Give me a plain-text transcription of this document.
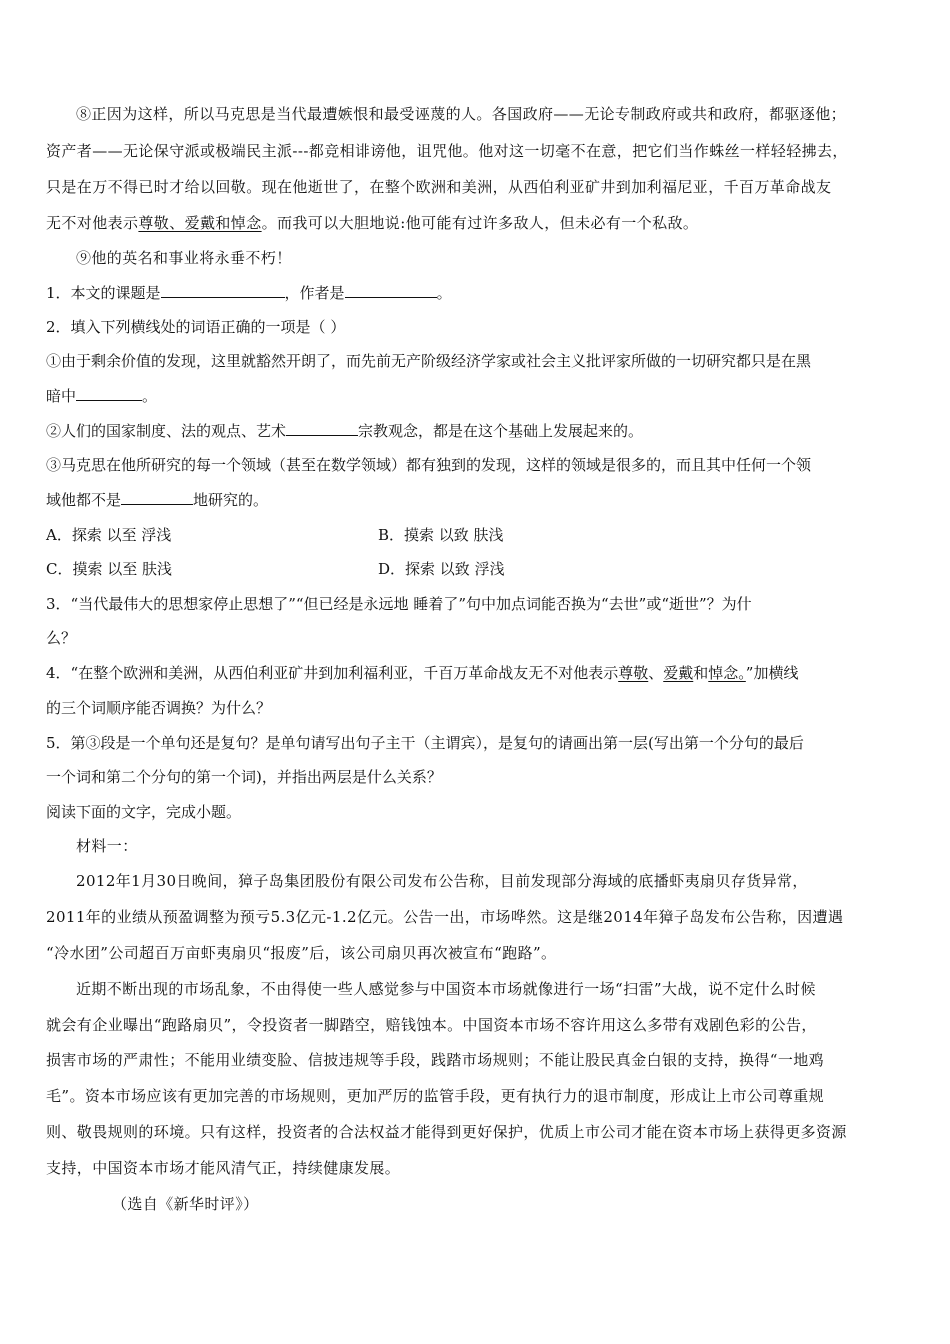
⑧正因为这样，所以马克思是当代最遭嫉恨和最受诬蔑的人。各国政府——无论专制政府或共和政府，都驱逐他；
资产者——无论保守派或极端民主派---都竞相诽谤他，诅咒他。他对这一切毫不在意，把它们当作蛛丝一样轻轻拂去，
只是在万不得已时才给以回敬。现在他逝世了，在整个欧洲和美洲，从西伯利亚矿井到加利福尼亚，千百万革命战友
无不对他表示尊敬、爱戴和悼念。而我可以大胆地说:他可能有过许多敌人，但未必有一个私敌。
⑨他的英名和事业将永垂不朽！
1．本文的课题是	，作者是	。
2．填入下列横线处的词语正确的一项是（ ）
①由于剩余价值的发现，这里就豁然开朗了，而先前无产阶级经济学家或社会主义批评家所做的一切研究都只是在黑
暗中	。
②人们的国家制度、法的观点、艺术	宗教观念，都是在这个基础上发展起来的。
③马克思在他所研究的每一个领域（甚至在数学领域）都有独到的发现，这样的领域是很多的，而且其中任何一个领
域他都不是	地研究的。
A．探索 以至 浮浅	B．摸索 以致 肤浅
C．摸索 以至 肤浅	D．探索 以致 浮浅
3．“当代最伟大的思想家停止思想了”“但已经是永远地 睡着了”句中加点词能否换为“去世”或“逝世”？为什
么？
4．“在整个欧洲和美洲，从西伯利亚矿井到加利福利亚，千百万革命战友无不对他表示尊敬、爱戴和悼念。”加横线
的三个词顺序能否调换？为什么？
5．第③段是一个单句还是复句？是单句请写出句子主干（主谓宾），是复句的请画出第一层(写出第一个分句的最后
一个词和第二个分句的第一个词)，并指出两层是什么关系？
阅读下面的文字，完成小题。
材料一：
2012年1月30日晚间，獐子岛集团股份有限公司发布公告称，目前发现部分海域的底播虾夷扇贝存货异常，
2011年的业绩从预盈调整为预亏5.3亿元-1.2亿元。公告一出，市场哗然。这是继2014年獐子岛发布公告称，因遭遇
“冷水团”公司超百万亩虾夷扇贝“报废”后，该公司扇贝再次被宣布“跑路”。
近期不断出现的市场乱象，不由得使一些人感觉参与中国资本市场就像进行一场“扫雷”大战，说不定什么时候
就会有企业曝出“跑路扇贝”，令投资者一脚踏空，赔钱蚀本。中国资本市场不容许用这么多带有戏剧色彩的公告，
损害市场的严肃性；不能用业绩变脸、信披违规等手段，践踏市场规则；不能让股民真金白银的支持，换得“一地鸡
毛”。资本市场应该有更加完善的市场规则，更加严厉的监管手段，更有执行力的退市制度，形成让上市公司尊重规
则、敬畏规则的环境。只有这样，投资者的合法权益才能得到更好保护，优质上市公司才能在资本市场上获得更多资源
支持，中国资本市场才能风清气正，持续健康发展。
（选自《新华时评》）
